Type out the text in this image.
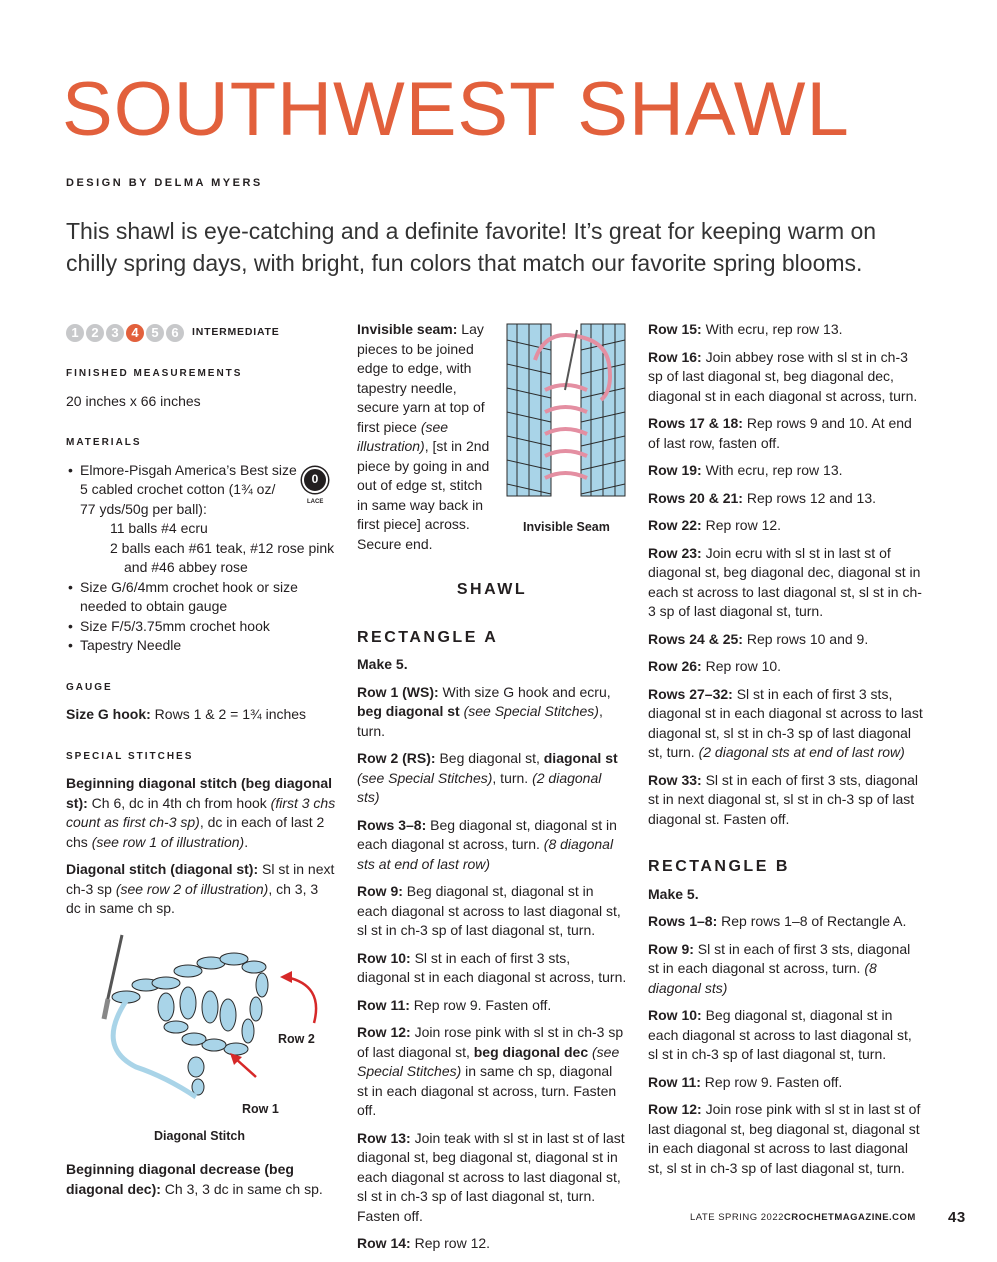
SOUTHWEST SHAWL
DESIGN BY DELMA MYERS
This shawl is eye-catching and a definite favorite! It’s great for keeping warm on chilly spring days, with bright, fun colors that match our favorite spring blooms.
1 2 3 4 5 6	INTERMEDIATE
FINISHED MEASUREMENTS
20 inches x 66 inches
MATERIALS
0
LACE
• Elmore-Pisgah America’s Best size
5 cabled crochet cotton (1¾ oz/
77 yds/50g per ball):
11 balls #4 ecru
2 balls each #61 teak, #12 rose pink
and #46 abbey rose
• Size G/6/4mm crochet hook or size needed to obtain gauge
• Size F/5/3.75mm crochet hook
• Tapestry Needle
GAUGE
Size G hook: Rows 1 & 2 = 1¾ inches
SPECIAL STITCHES
Beginning diagonal stitch (beg diagonal st): Ch 6, dc in 4th ch from hook (first 3 chs count as first ch-3 sp), dc in each of last 2 chs (see row 1 of illustration).
Diagonal stitch (diagonal st): Sl st in next ch-3 sp (see row 2 of illustration), ch 3, 3 dc in same ch sp.
Row 2
Row 1
Diagonal Stitch
Beginning diagonal decrease (beg diagonal dec): Ch 3, 3 dc in same ch sp.
Invisible seam: Lay pieces to be joined edge to edge, with tapestry needle, secure yarn at top of first piece (see illustration), [st in 2nd piece by going in and out of edge st, stitch in same way back in first piece] across. Secure end.
Invisible Seam
SHAWL
RECTANGLE A
Make 5.
Row 1 (WS): With size G hook and ecru, beg diagonal st (see Special Stitches), turn.
Row 2 (RS): Beg diagonal st, diagonal st (see Special Stitches), turn. (2 diagonal sts)
Rows 3–8: Beg diagonal st, diagonal st in each diagonal st across, turn. (8 diagonal sts at end of last row)
Row 9: Beg diagonal st, diagonal st in each diagonal st across to last diagonal st, sl st in ch-3 sp of last diagonal st, turn.
Row 10: Sl st in each of first 3 sts, diagonal st in each diagonal st across, turn.
Row 11: Rep row 9. Fasten off.
Row 12: Join rose pink with sl st in ch-3 sp of last diagonal st, beg diagonal dec (see Special Stitches) in same ch sp, diagonal st in each diagonal st across, turn. Fasten off.
Row 13: Join teak with sl st in last st of last diagonal st, beg diagonal st, diagonal st in each diagonal st across to last diagonal st, sl st in ch-3 sp of last diagonal st, turn. Fasten off.
Row 14: Rep row 12.
Row 15: With ecru, rep row 13.
Row 16: Join abbey rose with sl st in ch-3 sp of last diagonal st, beg diagonal dec, diagonal st in each diagonal st across, turn.
Rows 17 & 18: Rep rows 9 and 10. At end of last row, fasten off.
Row 19: With ecru, rep row 13.
Rows 20 & 21: Rep rows 12 and 13.
Row 22: Rep row 12.
Row 23: Join ecru with sl st in last st of diagonal st, beg diagonal dec, diagonal st in each st across to last diagonal st, sl st in ch-3 sp of last diagonal st, turn.
Rows 24 & 25: Rep rows 10 and 9.
Row 26: Rep row 10.
Rows 27–32: Sl st in each of first 3 sts, diagonal st in each diagonal st across to last diagonal st, sl st in ch-3 sp of last diagonal st, turn. (2 diagonal sts at end of last row)
Row 33: Sl st in each of first 3 sts, diagonal st in next diagonal st, sl st in ch-3 sp of last diagonal st. Fasten off.
RECTANGLE B
Make 5.
Rows 1–8: Rep rows 1–8 of Rectangle A.
Row 9: Sl st in each of first 3 sts, diagonal st in each diagonal st across, turn. (8 diagonal sts)
Row 10: Beg diagonal st, diagonal st in each diagonal st across to last diagonal st, sl st in ch-3 sp of last diagonal st, turn.
Row 11: Rep row 9. Fasten off.
Row 12: Join rose pink with sl st in last st of last diagonal st, beg diagonal st, diagonal st in each diagonal st across to last diagonal st, sl st in ch-3 sp of last diagonal st, turn.
LATE SPRING 2022 CROCHETMAGAZINE.COM 43
